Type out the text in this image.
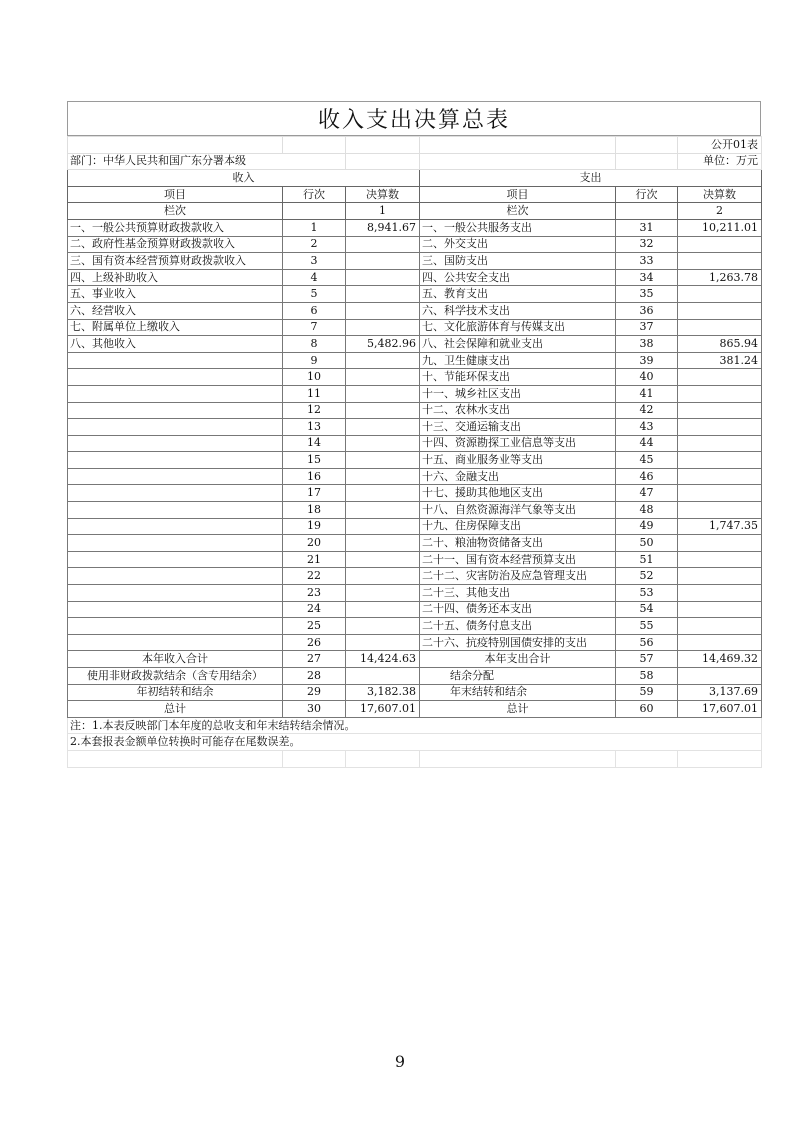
收入支出决算总表
					公开01表
部门：中华人民共和国广东分署本级					单位：万元
收入			支出		
项目	行次	决算数	项目	行次	决算数
栏次		1	栏次		2
一、一般公共预算财政拨款收入	1	8,941.67	一、一般公共服务支出	31	10,211.01
二、政府性基金预算财政拨款收入	2		二、外交支出	32	
三、国有资本经营预算财政拨款收入	3		三、国防支出	33	
四、上级补助收入	4		四、公共安全支出	34	1,263.78
五、事业收入	5		五、教育支出	35	
六、经营收入	6		六、科学技术支出	36	
七、附属单位上缴收入	7		七、文化旅游体育与传媒支出	37	
八、其他收入	8	5,482.96	八、社会保障和就业支出	38	865.94
	9		九、卫生健康支出	39	381.24
	10		十、节能环保支出	40	
	11		十一、城乡社区支出	41	
	12		十二、农林水支出	42	
	13		十三、交通运输支出	43	
	14		十四、资源勘探工业信息等支出	44	
	15		十五、商业服务业等支出	45	
	16		十六、金融支出	46	
	17		十七、援助其他地区支出	47	
	18		十八、自然资源海洋气象等支出	48	
	19		十九、住房保障支出	49	1,747.35
	20		二十、粮油物资储备支出	50	
	21		二十一、国有资本经营预算支出	51	
	22		二十二、灾害防治及应急管理支出	52	
	23		二十三、其他支出	53	
	24		二十四、债务还本支出	54	
	25		二十五、债务付息支出	55	
	26		二十六、抗疫特别国债安排的支出	56	
本年收入合计	27	14,424.63	本年支出合计	57	14,469.32
使用非财政拨款结余（含专用结余）	28		结余分配	58	
年初结转和结余	29	3,182.38	年末结转和结余	59	3,137.69
总计	30	17,607.01	总计	60	17,607.01
注：1.本表反映部门本年度的总收支和年末结转结余情况。					
2.本套报表金额单位转换时可能存在尾数误差。					

9
